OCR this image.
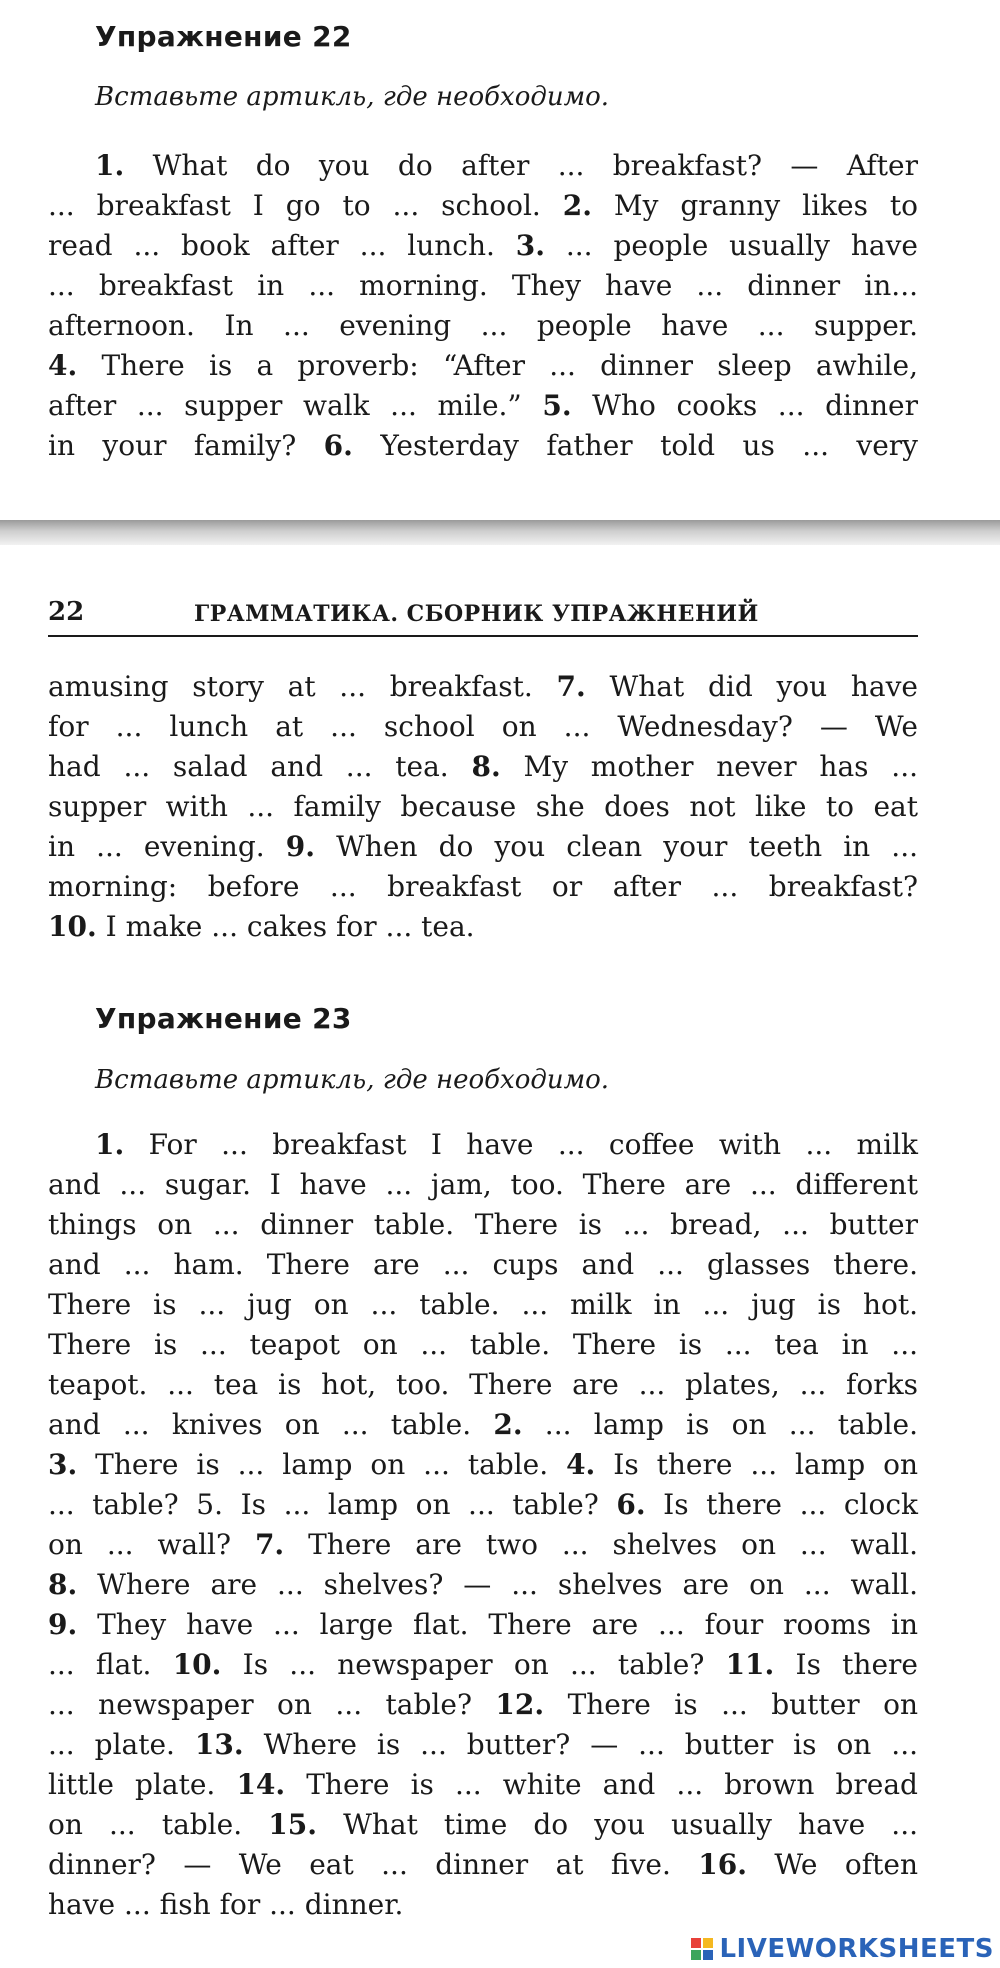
Упражнение 22
Вставьте артикль, где необходимо.
1. What do you do after ... breakfast? — After
... breakfast I go to ... school. 2. My granny likes to
read ... book after ... lunch. 3. ... people usually have
... breakfast in ... morning. They have ... dinner in...
afternoon. In ... evening ... people have ... supper.
4. There is a proverb: “After ... dinner sleep awhile,
after ... supper walk ... mile.” 5. Who cooks ... dinner
in your family? 6. Yesterday father told us ... very
22	ГРАММАТИКА. СБОРНИК УПРАЖНЕНИЙ
amusing story at ... breakfast. 7. What did you have
for ... lunch at ... school on ... Wednesday? — We
had ... salad and ... tea. 8. My mother never has ...
supper with ... family because she does not like to eat
in ... evening. 9. When do you clean your teeth in ...
morning: before ... breakfast or after ... breakfast?
10. I make ... cakes for ... tea.
Упражнение 23
Вставьте артикль, где необходимо.
1. For ... breakfast I have ... coffee with ... milk
and ... sugar. I have ... jam, too. There are ... different
things on ... dinner table. There is ... bread, ... butter
and ... ham. There are ... cups and ... glasses there.
There is ... jug on ... table. ... milk in ... jug is hot.
There is ... teapot on ... table. There is ... tea in ...
teapot. ... tea is hot, too. There are ... plates, ... forks
and ... knives on ... table. 2. ... lamp is on ... table.
3. There is ... lamp on ... table. 4. Is there ... lamp on
... table? 5. Is ... lamp on ... table? 6. Is there ... clock
on ... wall? 7. There are two ... shelves on ... wall.
8. Where are ... shelves? — ... shelves are on ... wall.
9. They have ... large flat. There are ... four rooms in
... flat. 10. Is ... newspaper on ... table? 11. Is there
... newspaper on ... table? 12. There is ... butter on
... plate. 13. Where is ... butter? — ... butter is on ...
little plate. 14. There is ... white and ... brown bread
on ... table. 15. What time do you usually have ...
dinner? — We eat ... dinner at five. 16. We often
have ... fish for ... dinner.
LIVEWORKSHEETS
